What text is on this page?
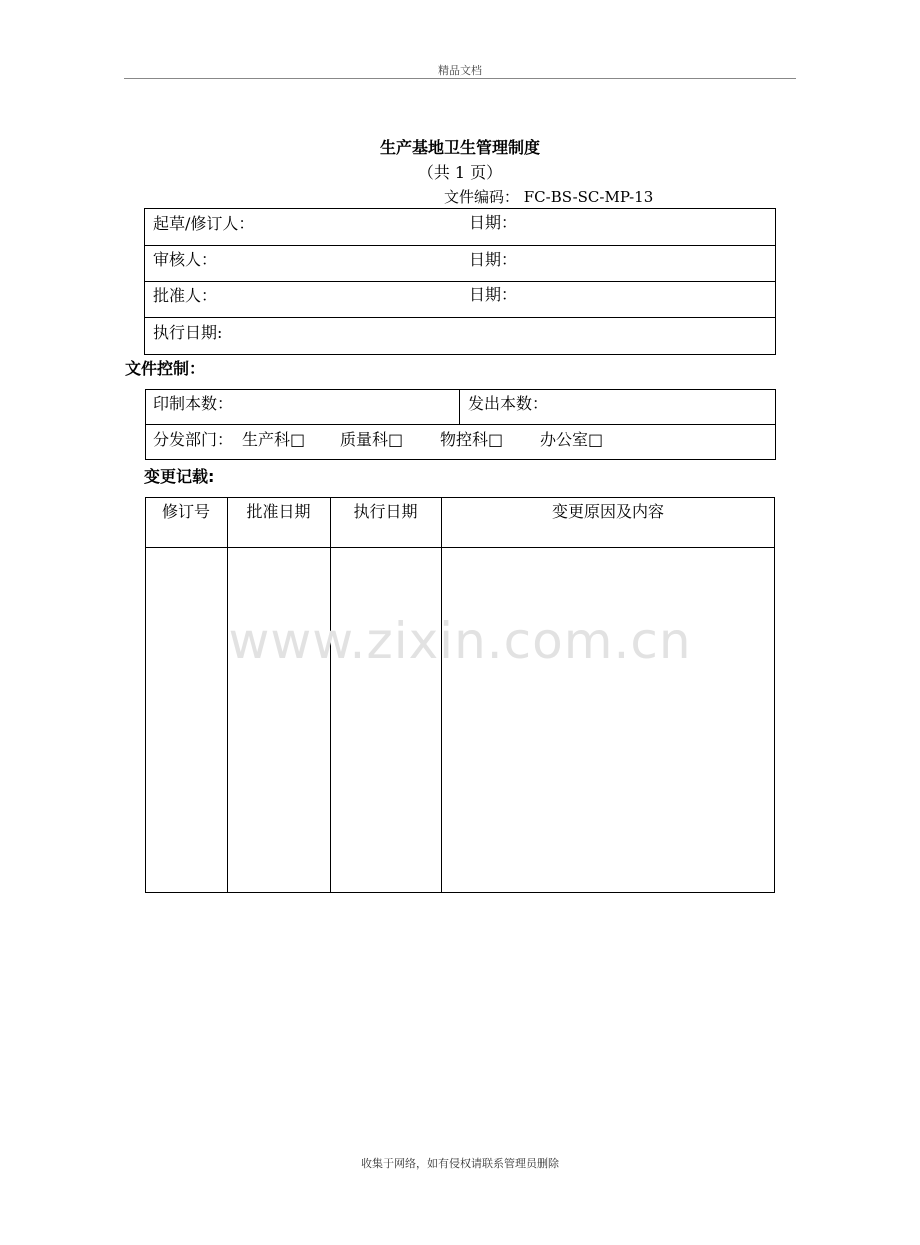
精品文档
生产基地卫生管理制度
（共 1 页）
文件编码： FC-BS-SC-MP-13
起草/修订人：	日期：
审核人：	日期：
批准人：	日期：
执行日期:
文件控制：
印制本数：	发出本数：
分发部门： 生产科□ 质量科□ 物控科□ 办公室□
变更记载:
修订号	批准日期	执行日期	变更原因及内容
www.zixin.com.cn
收集于网络，如有侵权请联系管理员删除
